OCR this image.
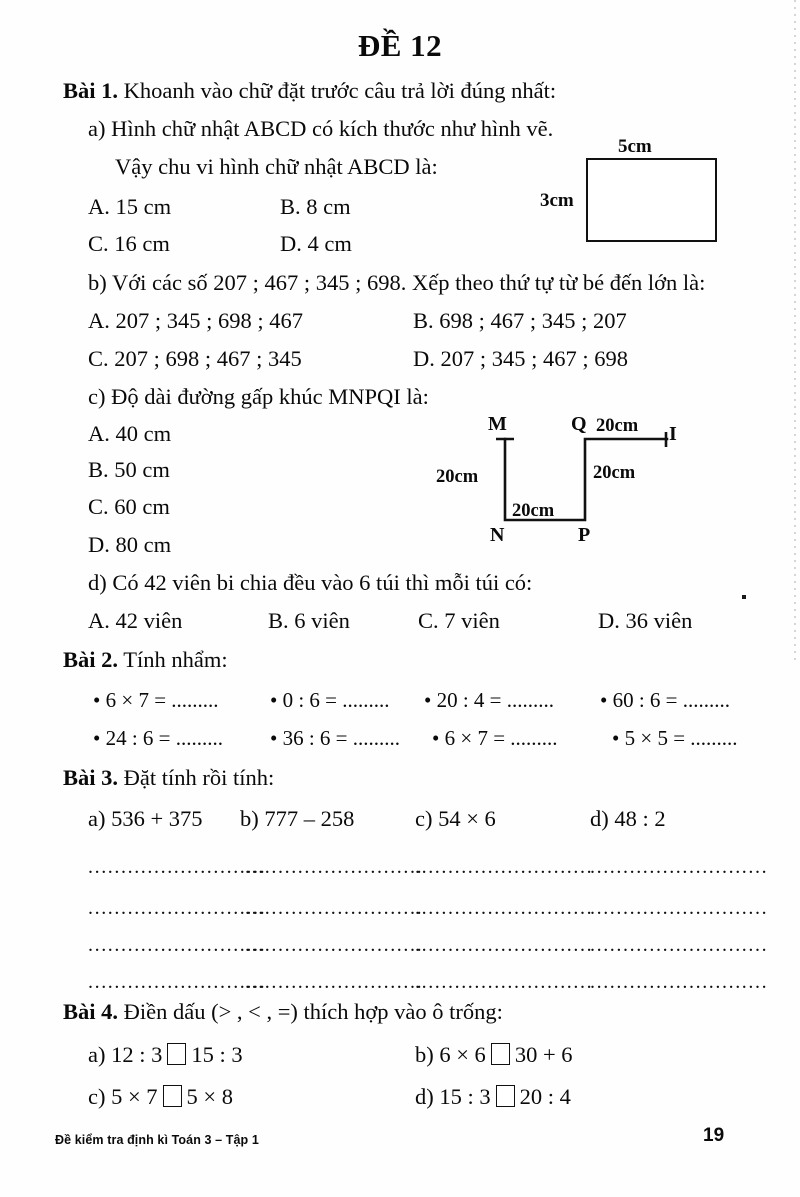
ĐỀ 12
Bài 1. Khoanh vào chữ đặt trước câu trả lời đúng nhất:
a) Hình chữ nhật ABCD có kích thước như hình vẽ.
Vậy chu vi hình chữ nhật ABCD là:
5cm
3cm
A. 15 cm	B. 8 cm
C. 16 cm	D. 4 cm
b) Với các số 207 ; 467 ; 345 ; 698. Xếp theo thứ tự từ bé đến lớn là:
A. 207 ; 345 ; 698 ; 467	B. 698 ; 467 ; 345 ; 207
C. 207 ; 698 ; 467 ; 345	D. 207 ; 345 ; 467 ; 698
c) Độ dài đường gấp khúc MNPQI là:
A. 40 cm
B. 50 cm
C. 60 cm
D. 80 cm
M
N	P
Q	I
20cm
20cm
20cm
20cm
d) Có 42 viên bi chia đều vào 6 túi thì mỗi túi có:
A. 42 viên	B. 6 viên	C. 7 viên	D. 36 viên
Bài 2. Tính nhẩm:
• 6 × 7 = ......... • 0 : 6 = ......... • 20 : 4 = ......... • 60 : 6 = .........
• 24 : 6 = ......... • 36 : 6 = ......... • 6 × 7 = .........	• 5 × 5 = .........
Bài 3. Đặt tính rồi tính:
a) 536 + 375 b) 777 – 258	c) 54 × 6	d) 48 : 2
...........................
...........................
...........................
...........................
...........................
...........................
...........................
...........................
...........................
...........................
...........................
...........................
...........................
...........................
...........................
...........................
Bài 4. Điền dấu (> , < , =) thích hợp vào ô trống:
a) 12 : 3 15 : 3	b) 6 × 6 30 + 6
c) 5 × 7 5 × 8	d) 15 : 3 20 : 4
Đề kiểm tra định kì Toán 3 – Tập 1	19
